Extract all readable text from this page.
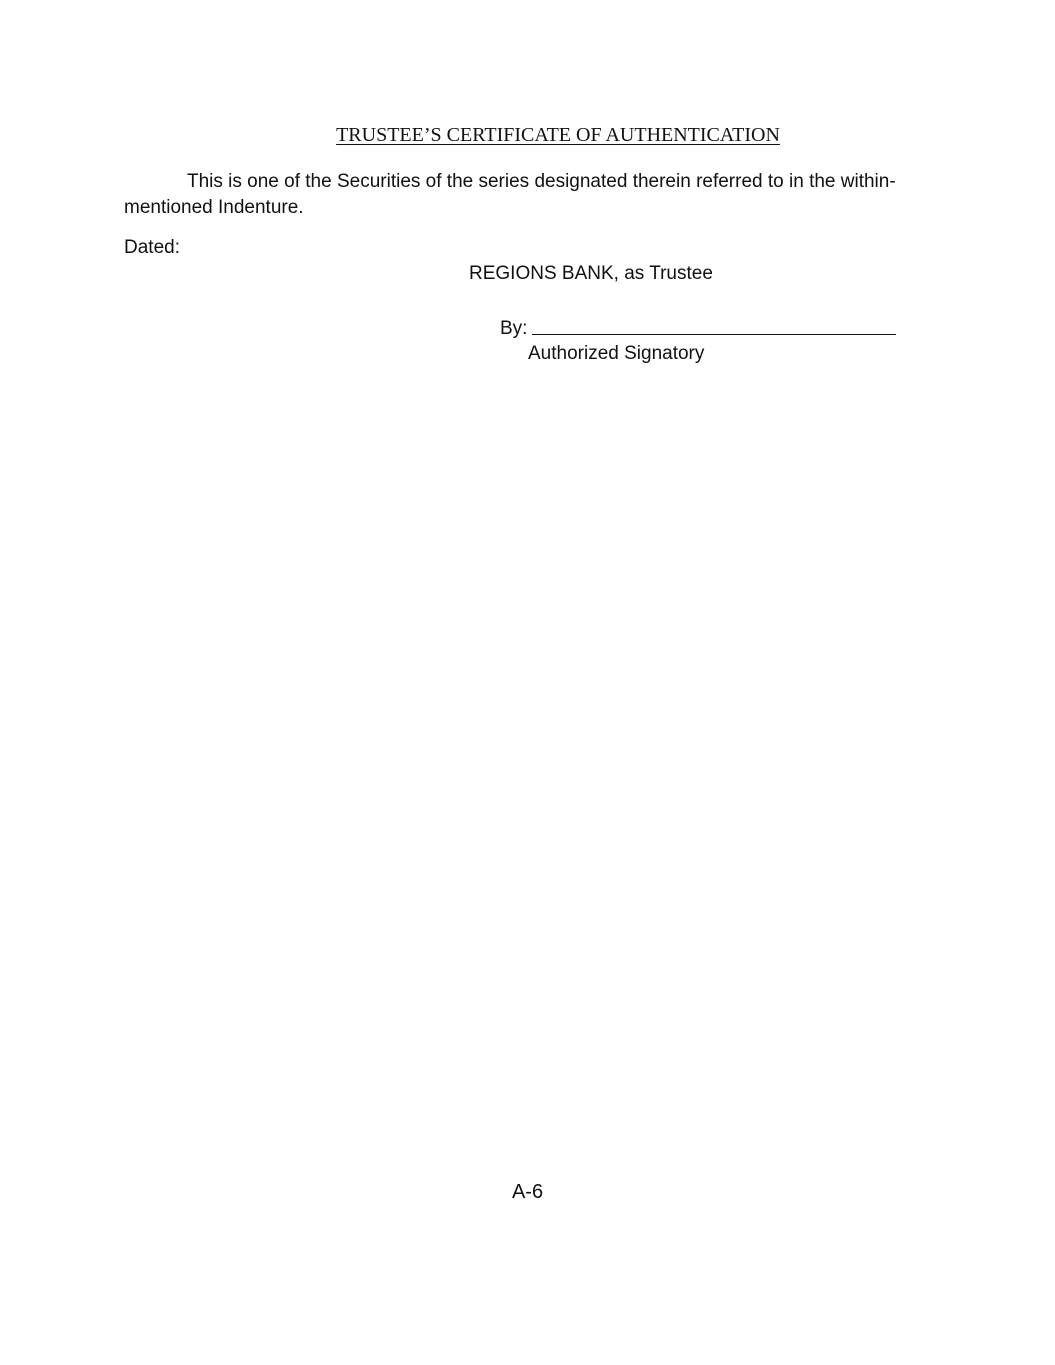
TRUSTEE’S CERTIFICATE OF AUTHENTICATION

This is one of the Securities of the series designated therein referred to in the within-mentioned Indenture.

Dated:
REGIONS BANK, as Trustee
By:
Authorized Signatory
A-6
